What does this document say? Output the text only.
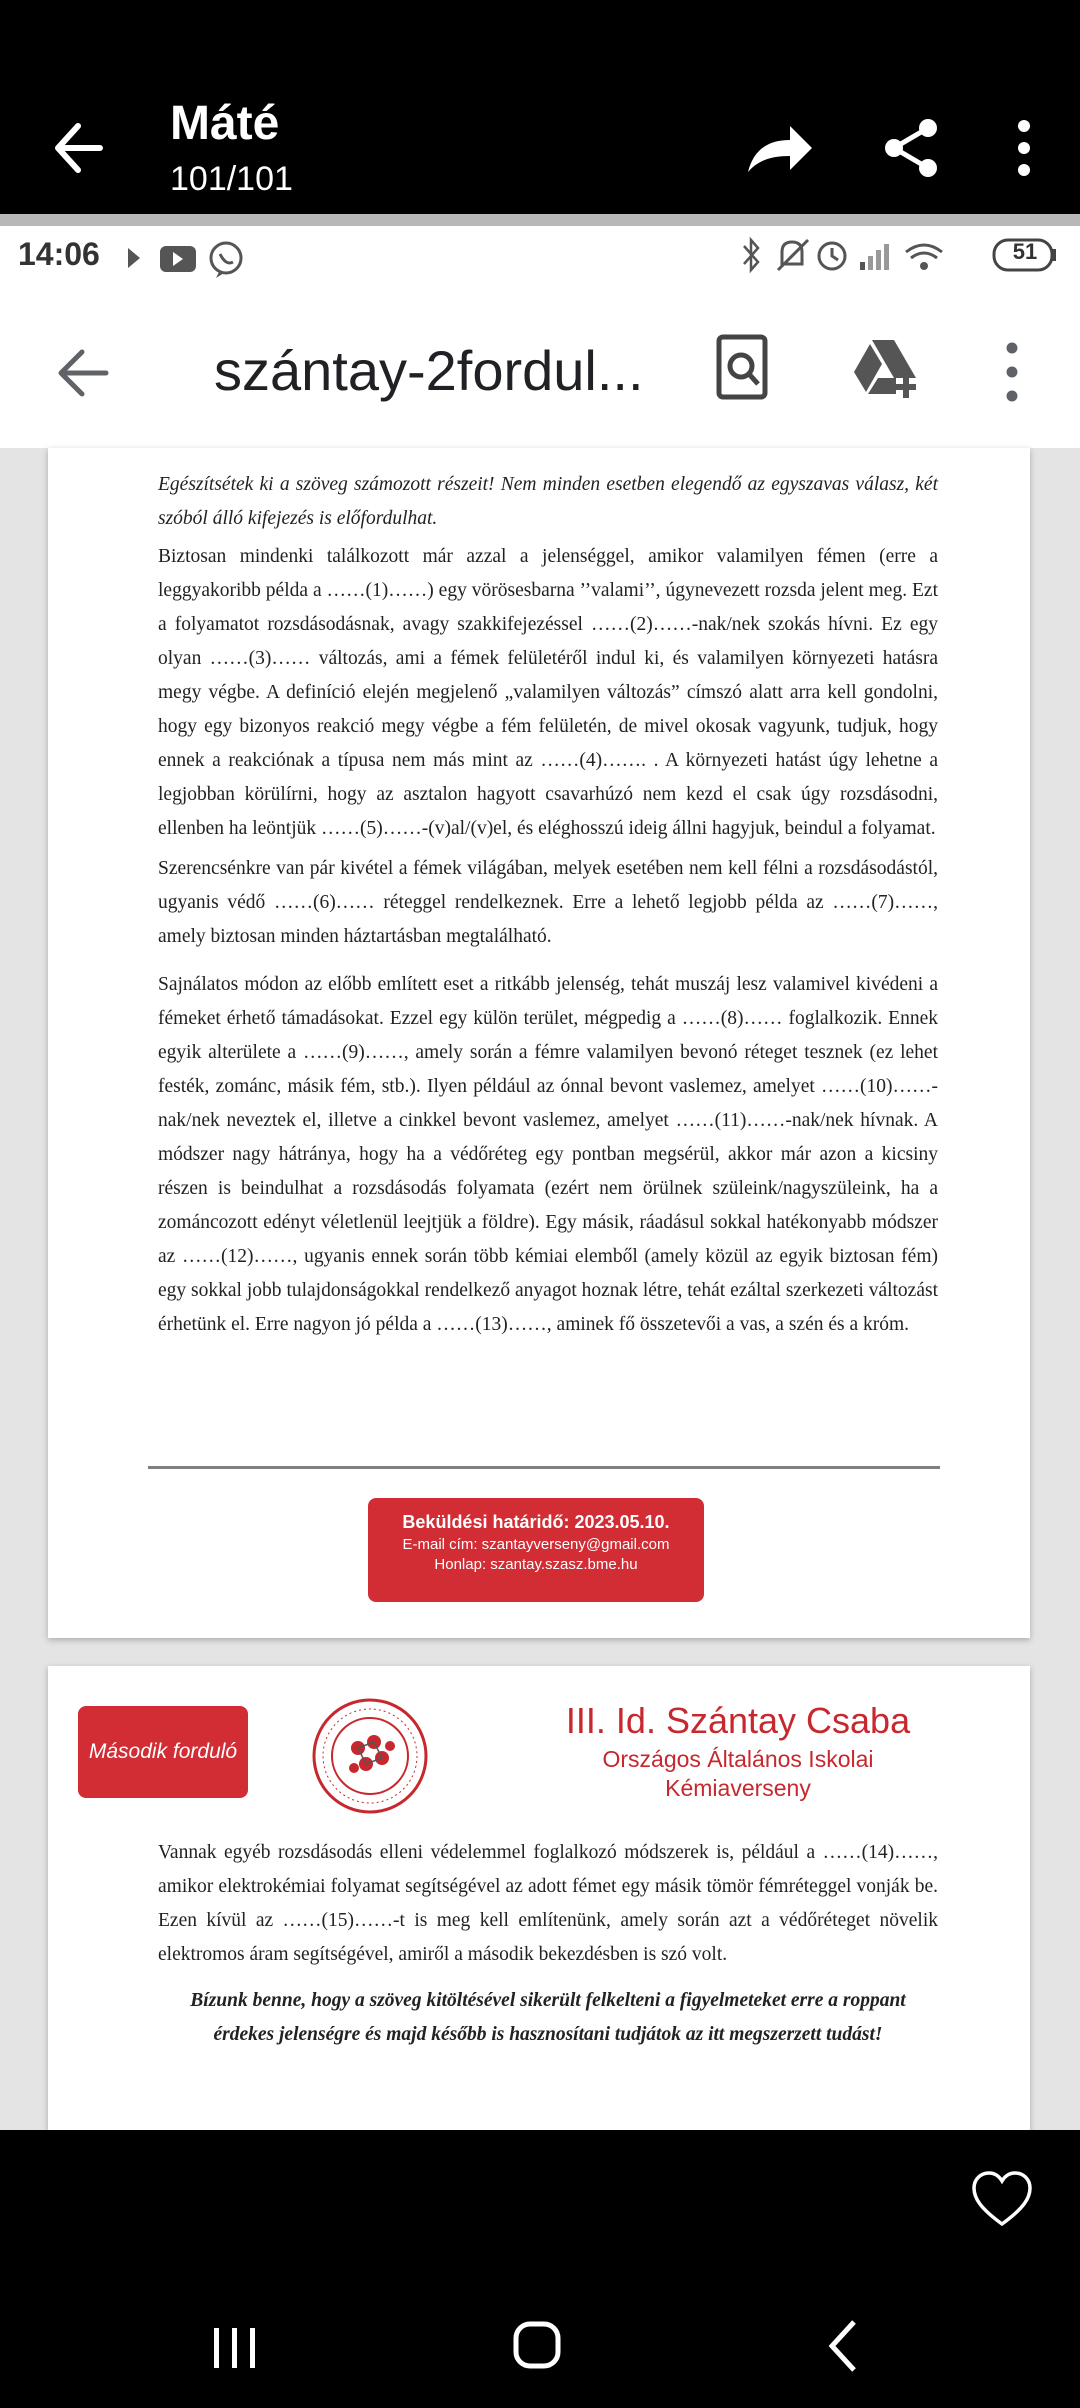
Máté
101/101
14:06	51
szántay-2fordul...
Egészítsétek ki a szöveg számozott részeit! Nem minden esetben elegendő az egyszavas válasz, két szóból álló kifejezés is előfordulhat.
Biztosan mindenki találkozott már azzal a jelenséggel, amikor valamilyen fémen (erre a leggyakoribb példa a ……(1)……) egy vörösesbarna ’’valami’’, úgynevezett rozsda jelent meg. Ezt a folyamatot rozsdásodásnak, avagy szakkifejezéssel ……(2)……-nak/nek szokás hívni. Ez egy olyan ……(3)…… változás, ami a fémek felületéről indul ki, és valamilyen környezeti hatásra megy végbe. A definíció elején megjelenő „valamilyen változás” címszó alatt arra kell gondolni, hogy egy bizonyos reakció megy végbe a fém felületén, de mivel okosak vagyunk, tudjuk, hogy ennek a reakciónak a típusa nem más mint az ……(4)……. . A környezeti hatást úgy lehetne a legjobban körülírni, hogy az asztalon hagyott csavarhúzó nem kezd el csak úgy rozsdásodni, ellenben ha leöntjük ……(5)……-(v)al/(v)el, és eléghosszú ideig állni hagyjuk, beindul a folyamat.
Szerencsénkre van pár kivétel a fémek világában, melyek esetében nem kell félni a rozsdásodástól, ugyanis védő ……(6)…… réteggel rendelkeznek. Erre a lehető legjobb példa az ……(7)……, amely biztosan minden háztartásban megtalálható.
Sajnálatos módon az előbb említett eset a ritkább jelenség, tehát muszáj lesz valamivel kivédeni a fémeket érhető támadásokat. Ezzel egy külön terület, mégpedig a ……(8)…… foglalkozik. Ennek egyik alterülete a ……(9)……, amely során a fémre valamilyen bevonó réteget tesznek (ez lehet festék, zománc, másik fém, stb.). Ilyen például az ónnal bevont vaslemez, amelyet ……(10)……-nak/nek neveztek el, illetve a cinkkel bevont vaslemez, amelyet ……(11)……-nak/nek hívnak. A módszer nagy hátránya, hogy ha a védőréteg egy pontban megsérül, akkor már azon a kicsiny részen is beindulhat a rozsdásodás folyamata (ezért nem örülnek szüleink/nagyszüleink, ha a zománcozott edényt véletlenül leejtjük a földre). Egy másik, ráadásul sokkal hatékonyabb módszer az ……(12)……, ugyanis ennek során több kémiai elemből (amely közül az egyik biztosan fém) egy sokkal jobb tulajdonságokkal rendelkező anyagot hoznak létre, tehát ezáltal szerkezeti változást érhetünk el. Erre nagyon jó példa a ……(13)……, aminek fő összetevői a vas, a szén és a króm.
Beküldési határidő: 2023.05.10.
E-mail cím: szantayverseny@gmail.com
Honlap: szantay.szasz.bme.hu
Második forduló
III. Id. Szántay Csaba
Országos Általános Iskolai
Kémiaverseny
Vannak egyéb rozsdásodás elleni védelemmel foglalkozó módszerek is, például a ……(14)……, amikor elektrokémiai folyamat segítségével az adott fémet egy másik tömör fémréteggel vonják be. Ezen kívül az ……(15)……-t is meg kell említenünk, amely során azt a védőréteget növelik elektromos áram segítségével, amiről a második bekezdésben is szó volt.
Bízunk benne, hogy a szöveg kitöltésével sikerült felkelteni a figyelmeteket erre a roppant érdekes jelenségre és majd később is hasznosítani tudjátok az itt megszerzett tudást!
